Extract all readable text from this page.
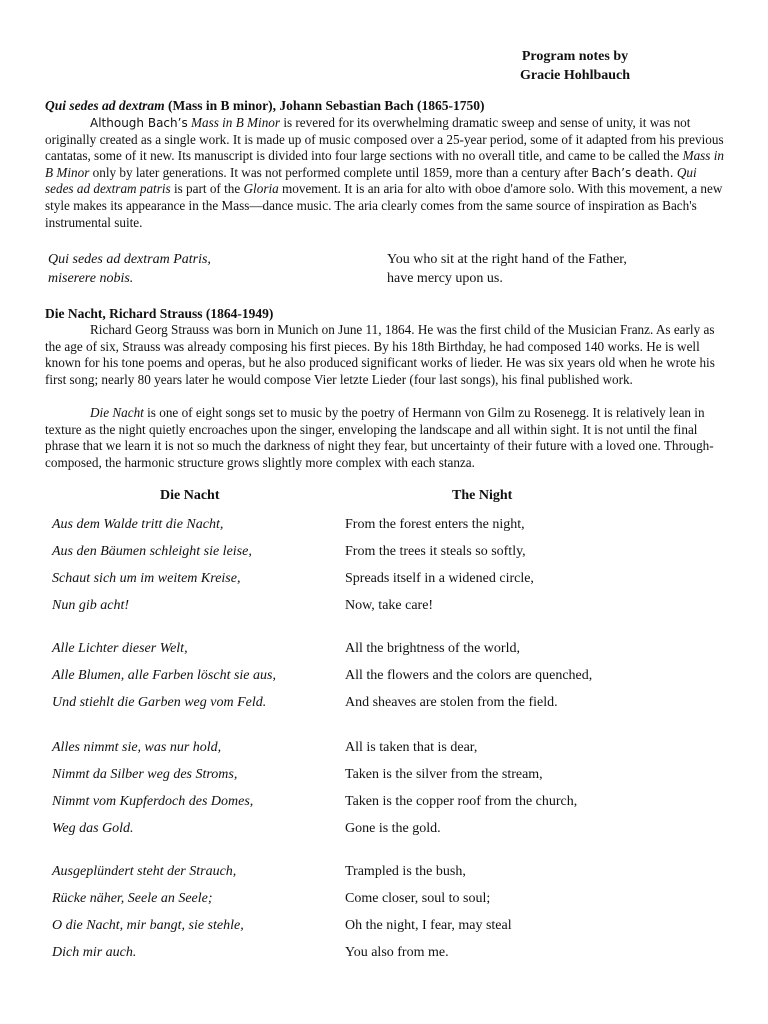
Program notes by
Gracie Hohlbauch
Qui sedes ad dextram (Mass in B minor), Johann Sebastian Bach (1865-1750)
Although Bach’s Mass in B Minor is revered for its overwhelming dramatic sweep and sense of unity, it was not originally created as a single work. It is made up of music composed over a 25-year period, some of it adapted from his previous cantatas, some of it new. Its manuscript is divided into four large sections with no overall title, and came to be called the Mass in B Minor only by later generations. It was not performed complete until 1859, more than a century after Bach’s death. Qui sedes ad dextram patris is part of the Gloria movement. It is an aria for alto with oboe d'amore solo. With this movement, a new style makes its appearance in the Mass—dance music. The aria clearly comes from the same source of inspiration as Bach's instrumental suite.
Qui sedes ad dextram Patris,
miserere nobis.
You who sit at the right hand of the Father,
have mercy upon us.
Die Nacht, Richard Strauss (1864-1949)
Richard Georg Strauss was born in Munich on June 11, 1864. He was the first child of the Musician Franz. As early as the age of six, Strauss was already composing his first pieces. By his 18th Birthday, he had composed 140 works. He is well known for his tone poems and operas, but he also produced significant works of lieder. He was six years old when he wrote his first song; nearly 80 years later he would compose Vier letzte Lieder (four last songs), his final published work.
Die Nacht is one of eight songs set to music by the poetry of Hermann von Gilm zu Rosenegg. It is relatively lean in texture as the night quietly encroaches upon the singer, enveloping the landscape and all within sight. It is not until the final phrase that we learn it is not so much the darkness of night they fear, but uncertainty of their future with a loved one. Through-composed, the harmonic structure grows slightly more complex with each stanza.
Die Nacht	The Night
Aus dem Walde tritt die Nacht,
Aus den Bäumen schleight sie leise,
Schaut sich um im weitem Kreise,
Nun gib acht!
From the forest enters the night,
From the trees it steals so softly,
Spreads itself in a widened circle,
Now, take care!
Alle Lichter dieser Welt,
Alle Blumen, alle Farben löscht sie aus,
Und stiehlt die Garben weg vom Feld.
All the brightness of the world,
All the flowers and the colors are quenched,
And sheaves are stolen from the field.
Alles nimmt sie, was nur hold,
Nimmt da Silber weg des Stroms,
Nimmt vom Kupferdoch des Domes,
Weg das Gold.
All is taken that is dear,
Taken is the silver from the stream,
Taken is the copper roof from the church,
Gone is the gold.
Ausgeplündert steht der Strauch,
Rücke näher, Seele an Seele;
O die Nacht, mir bangt, sie stehle,
Dich mir auch.
Trampled is the bush,
Come closer, soul to soul;
Oh the night, I fear, may steal
You also from me.
